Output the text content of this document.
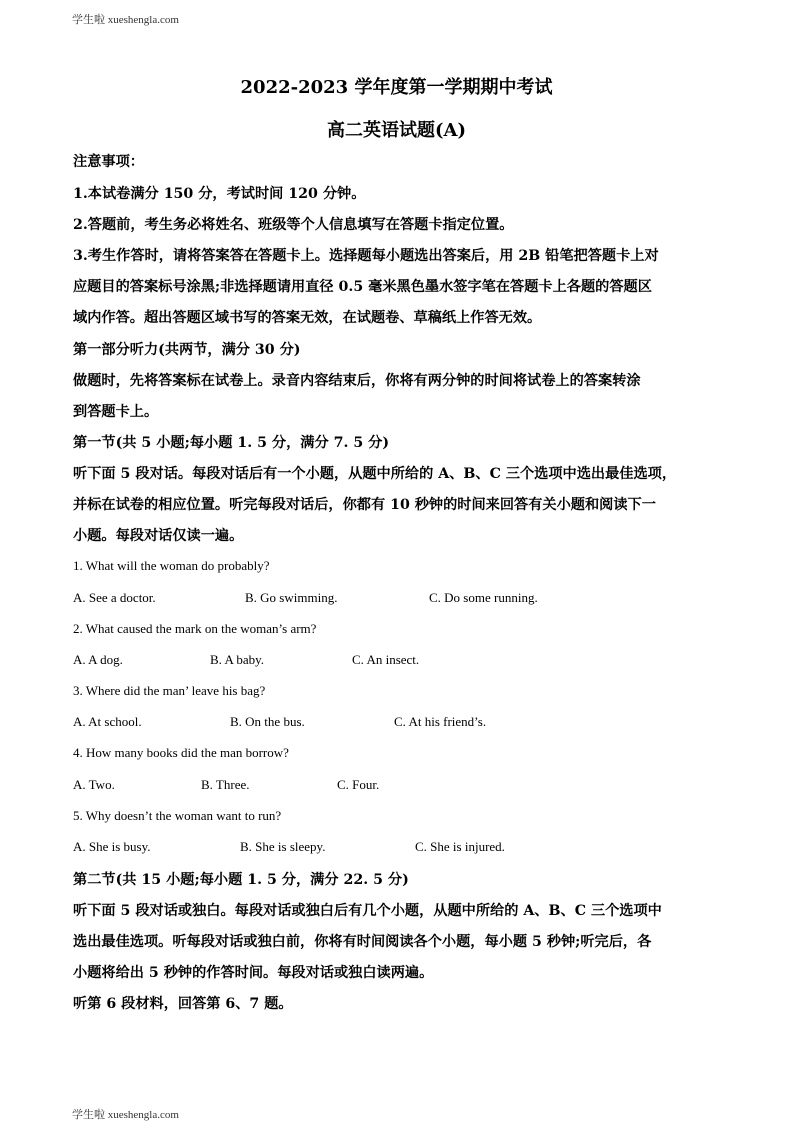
学生啦 xueshengla.com
2022-2023 学年度第一学期期中考试
高二英语试题(A)
注意事项：
1.本试卷满分 150 分，考试时间 120 分钟。
2.答题前，考生务必将姓名、班级等个人信息填写在答题卡指定位置。
3.考生作答时，请将答案答在答题卡上。选择题每小题选出答案后，用 2B 铅笔把答题卡上对
应题目的答案标号涂黑;非选择题请用直径 0.5 毫米黑色墨水签字笔在答题卡上各题的答题区
域内作答。超出答题区域书写的答案无效，在试题卷、草稿纸上作答无效。
第一部分听力(共两节，满分 30 分)
做题时，先将答案标在试卷上。录音内容结束后，你将有两分钟的时间将试卷上的答案转涂
到答题卡上。
第一节(共 5 小题;每小题 1. 5 分，满分 7. 5 分)
听下面 5 段对话。每段对话后有一个小题，从题中所给的 A、B、C 三个选项中选出最佳选项，
并标在试卷的相应位置。听完每段对话后，你都有 10 秒钟的时间来回答有关小题和阅读下一
小题。每段对话仅读一遍。
1. What will the woman do probably?
A. See a doctor.	B. Go swimming.	C. Do some running.
2. What caused the mark on the woman’s arm?
A. A dog.	B. A baby.	C. An insect.
3. Where did the man’ leave his bag?
A. At school.	B. On the bus.	C. At his friend’s.
4. How many books did the man borrow?
A. Two.	B. Three.	C. Four.
5. Why doesn’t the woman want to run?
A. She is busy.	B. She is sleepy.	C. She is injured.
第二节(共 15 小题;每小题 1. 5 分，满分 22. 5 分)
听下面 5 段对话或独白。每段对话或独白后有几个小题，从题中所给的 A、B、C 三个选项中
选出最佳选项。听每段对话或独白前，你将有时间阅读各个小题，每小题 5 秒钟;听完后，各
小题将给出 5 秒钟的作答时间。每段对话或独白读两遍。
听第 6 段材料，回答第 6、7 题。
学生啦 xueshengla.com
